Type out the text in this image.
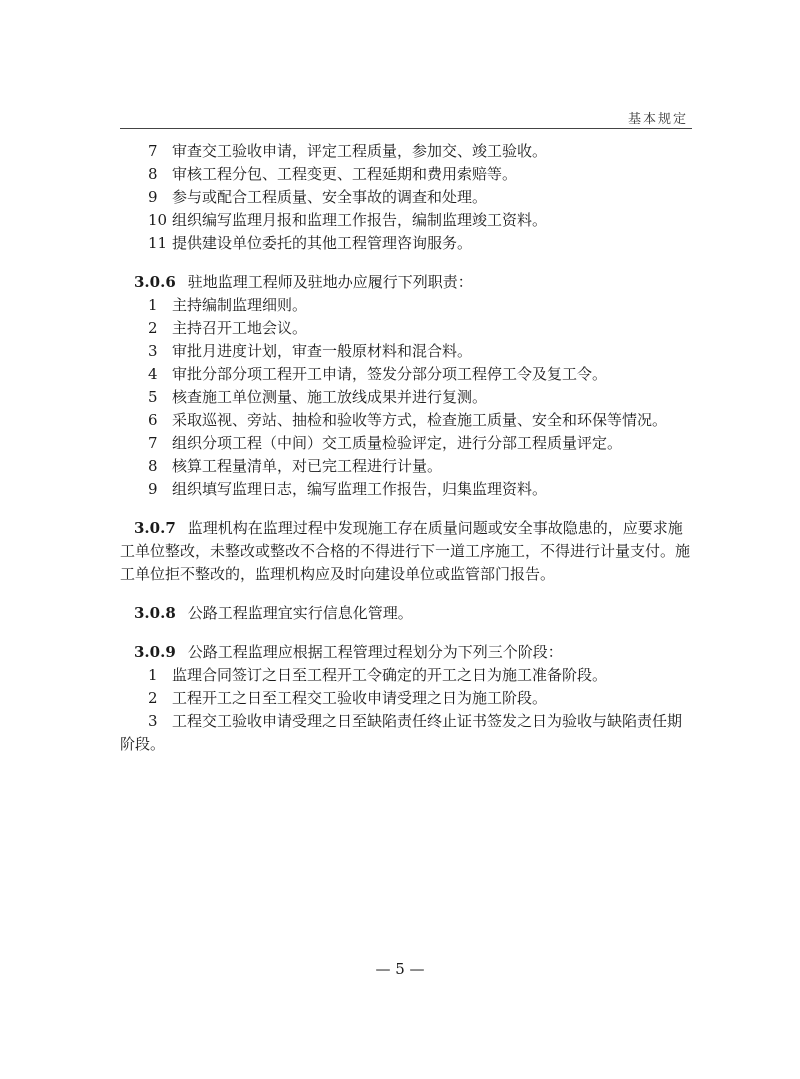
基本规定
7 审查交工验收申请，评定工程质量，参加交、竣工验收。
8 审核工程分包、工程变更、工程延期和费用索赔等。
9 参与或配合工程质量、安全事故的调查和处理。
10 组织编写监理月报和监理工作报告，编制监理竣工资料。
11 提供建设单位委托的其他工程管理咨询服务。
3.0.6 驻地监理工程师及驻地办应履行下列职责：
1 主持编制监理细则。
2 主持召开工地会议。
3 审批月进度计划，审查一般原材料和混合料。
4 审批分部分项工程开工申请，签发分部分项工程停工令及复工令。
5 核查施工单位测量、施工放线成果并进行复测。
6 采取巡视、旁站、抽检和验收等方式，检查施工质量、安全和环保等情况。
7 组织分项工程（中间）交工质量检验评定，进行分部工程质量评定。
8 核算工程量清单，对已完工程进行计量。
9 组织填写监理日志，编写监理工作报告，归集监理资料。
3.0.7 监理机构在监理过程中发现施工存在质量问题或安全事故隐患的，应要求施
工单位整改，未整改或整改不合格的不得进行下一道工序施工，不得进行计量支付。施
工单位拒不整改的，监理机构应及时向建设单位或监管部门报告。
3.0.8 公路工程监理宜实行信息化管理。
3.0.9 公路工程监理应根据工程管理过程划分为下列三个阶段：
1 监理合同签订之日至工程开工令确定的开工之日为施工准备阶段。
2 工程开工之日至工程交工验收申请受理之日为施工阶段。
3 工程交工验收申请受理之日至缺陷责任终止证书签发之日为验收与缺陷责任期
阶段。
— 5 —
